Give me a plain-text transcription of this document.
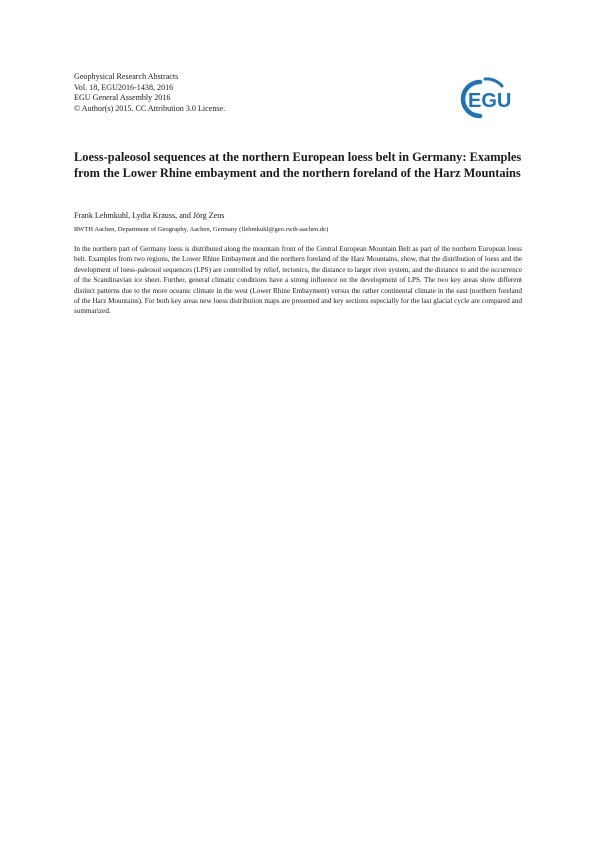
Geophysical Research Abstracts
Vol. 18, EGU2016-1438, 2016
EGU General Assembly 2016
© Author(s) 2015. CC Attribution 3.0 License.	EGU
Loess-paleosol sequences at the northern European loess belt in Germany: Examples from the Lower Rhine embayment and the northern foreland of the Harz Mountains
Frank Lehmkuhl, Lydia Krauss, and Jörg Zens
RWTH Aachen, Department of Geography, Aachen, Germany (flehmkuhl@geo.rwth-aachen.de)
In the northern part of Germany loess is distributed along the mountain front of the Central European Mountain Belt as part of the northern European loess belt. Examples from two regions, the Lower Rhine Embayment and the northern foreland of the Harz Mountains, show, that the distribution of loess and the development of loess-paleosol sequences (LPS) are controlled by relief, tectonics, the distance to larger river system, and the distance to and the occurrence of the Scandinavian ice sheet. Further, general climatic conditions have a strong influence on the development of LPS. The two key areas show different distinct patterns due to the more oceanic climate in the west (Lower Rhine Embayment) versus the rather continental climate in the east (northern foreland of the Harz Mountains). For both key areas new loess distribution maps are presented and key sections especially for the last glacial cycle are compared and summarized.
